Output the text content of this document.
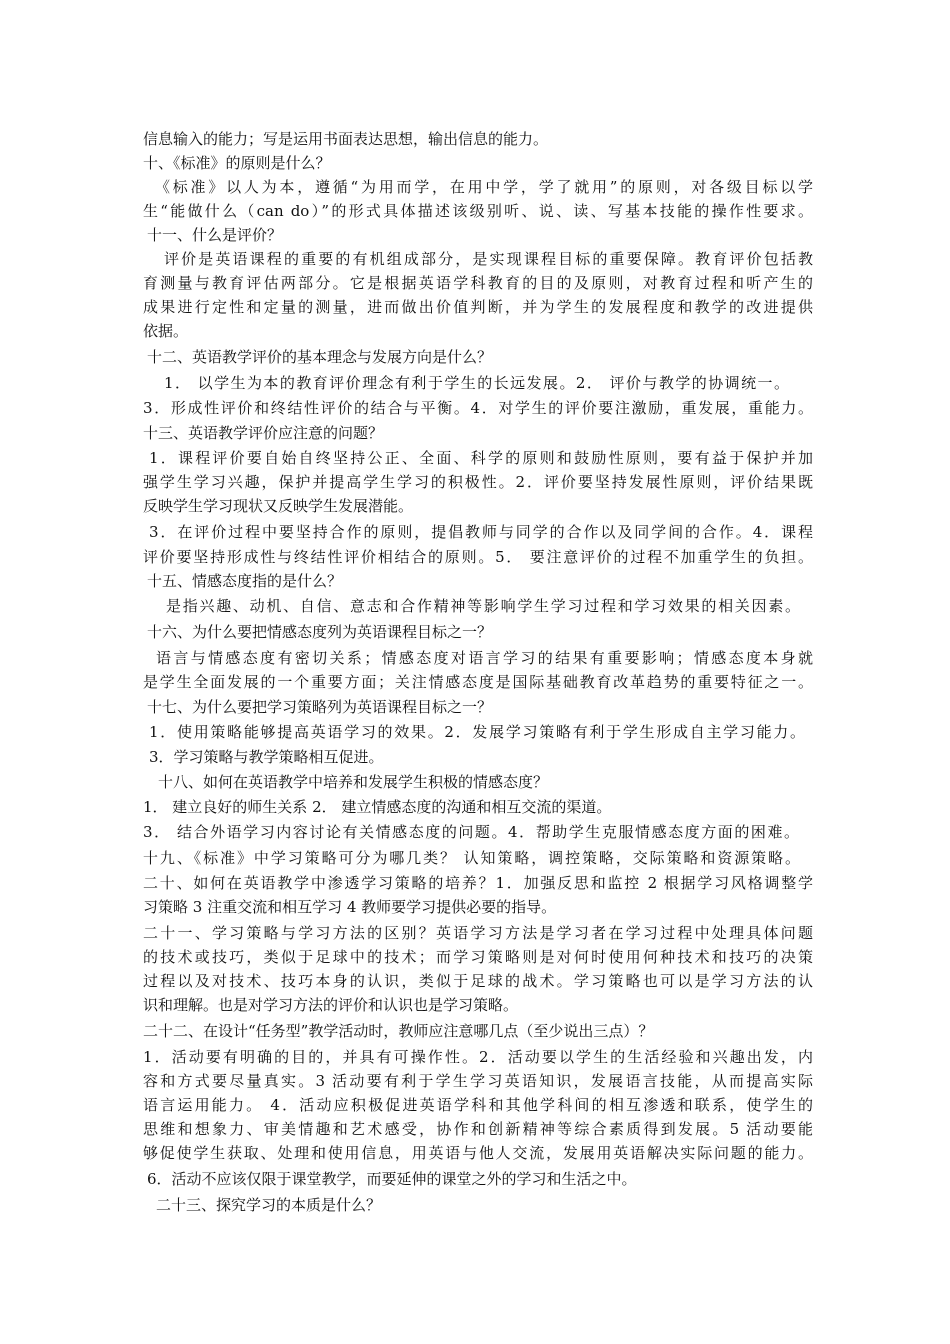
信息输入的能力；写是运用书面表达思想，输出信息的能力。
十、《标准》的原则是什么？
《标准》以人为本，遵循“为用而学，在用中学，学了就用”的原则，对各级目标以学
生“能做什么（can do）”的形式具体描述该级别听、说、读、写基本技能的操作性要求。
十一、什么是评价？
评价是英语课程的重要的有机组成部分，是实现课程目标的重要保障。教育评价包括教
育测量与教育评估两部分。它是根据英语学科教育的目的及原则，对教育过程和听产生的
成果进行定性和定量的测量，进而做出价值判断，并为学生的发展程度和教学的改进提供
依据。
十二、英语教学评价的基本理念与发展方向是什么？
1． 以学生为本的教育评价理念有利于学生的长远发展。2． 评价与教学的协调统一。
3．形成性评价和终结性评价的结合与平衡。4．对学生的评价要注激励，重发展，重能力。
十三、英语教学评价应注意的问题？
1．课程评价要自始自终坚持公正、全面、科学的原则和鼓励性原则，要有益于保护并加
强学生学习兴趣，保护并提高学生学习的积极性。2．评价要坚持发展性原则，评价结果既
反映学生学习现状又反映学生发展潜能。
3．在评价过程中要坚持合作的原则，提倡教师与同学的合作以及同学间的合作。4．课程
评价要坚持形成性与终结性评价相结合的原则。5． 要注意评价的过程不加重学生的负担。
十五、情感态度指的是什么？
是指兴趣、动机、自信、意志和合作精神等影响学生学习过程和学习效果的相关因素。
十六、为什么要把情感态度列为英语课程目标之一？
语言与情感态度有密切关系；情感态度对语言学习的结果有重要影响；情感态度本身就
是学生全面发展的一个重要方面；关注情感态度是国际基础教育改革趋势的重要特征之一。
十七、为什么要把学习策略列为英语课程目标之一？
1．使用策略能够提高英语学习的效果。2．发展学习策略有利于学生形成自主学习能力。
3．学习策略与教学策略相互促进。
十八、如何在英语教学中培养和发展学生积极的情感态度？
1． 建立良好的师生关系 2． 建立情感态度的沟通和相互交流的渠道。
3． 结合外语学习内容讨论有关情感态度的问题。4．帮助学生克服情感态度方面的困难。
十九、《标准》中学习策略可分为哪几类？ 认知策略，调控策略，交际策略和资源策略。
二十、如何在英语教学中渗透学习策略的培养？1．加强反思和监控 2 根据学习风格调整学
习策略 3 注重交流和相互学习 4 教师要学习提供必要的指导。
二十一、学习策略与学习方法的区别？英语学习方法是学习者在学习过程中处理具体问题
的技术或技巧，类似于足球中的技术；而学习策略则是对何时使用何种技术和技巧的决策
过程以及对技术、技巧本身的认识，类似于足球的战术。学习策略也可以是学习方法的认
识和理解。也是对学习方法的评价和认识也是学习策略。
二十二、在设计“任务型”教学活动时，教师应注意哪几点（至少说出三点）？
1．活动要有明确的目的，并具有可操作性。2．活动要以学生的生活经验和兴趣出发，内
容和方式要尽量真实。3 活动要有利于学生学习英语知识，发展语言技能，从而提高实际
语言运用能力。 4．活动应积极促进英语学科和其他学科间的相互渗透和联系，使学生的
思维和想象力、审美情趣和艺术感受，协作和创新精神等综合素质得到发展。5 活动要能
够促使学生获取、处理和使用信息，用英语与他人交流，发展用英语解决实际问题的能力。
6．活动不应该仅限于课堂教学，而要延伸的课堂之外的学习和生活之中。
二十三、探究学习的本质是什么？
